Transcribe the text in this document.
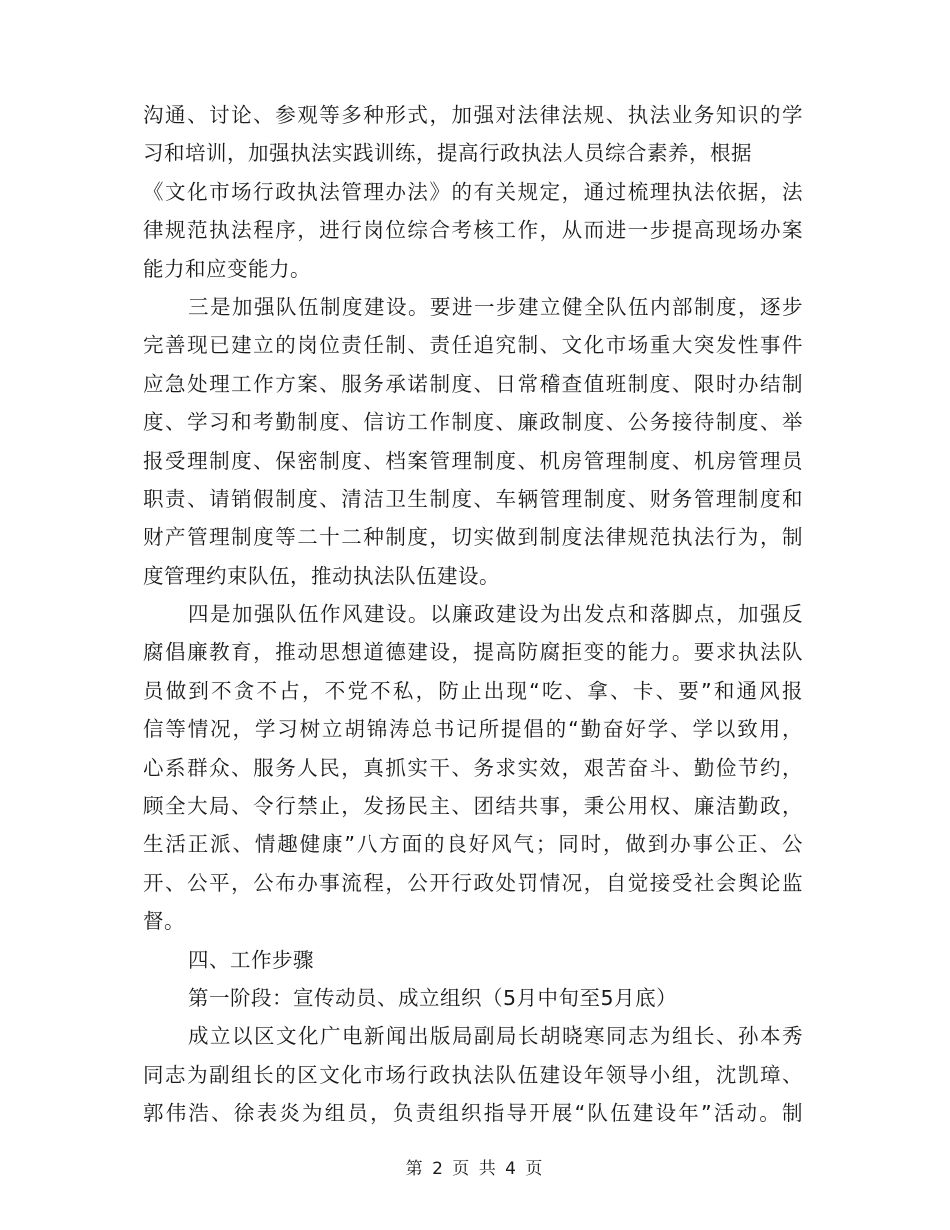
沟通、讨论、参观等多种形式，加强对法律法规、执法业务知识的学
习和培训，加强执法实践训练，提高行政执法人员综合素养，根据
《文化市场行政执法管理办法》的有关规定，通过梳理执法依据，法
律规范执法程序，进行岗位综合考核工作，从而进一步提高现场办案
能力和应变能力。
三是加强队伍制度建设。要进一步建立健全队伍内部制度，逐步
完善现已建立的岗位责任制、责任追究制、文化市场重大突发性事件
应急处理工作方案、服务承诺制度、日常稽查值班制度、限时办结制
度、学习和考勤制度、信访工作制度、廉政制度、公务接待制度、举
报受理制度、保密制度、档案管理制度、机房管理制度、机房管理员
职责、请销假制度、清洁卫生制度、车辆管理制度、财务管理制度和
财产管理制度等二十二种制度，切实做到制度法律规范执法行为，制
度管理约束队伍，推动执法队伍建设。
四是加强队伍作风建设。以廉政建设为出发点和落脚点，加强反
腐倡廉教育，推动思想道德建设，提高防腐拒变的能力。要求执法队
员做到不贪不占，不党不私，防止出现“吃、拿、卡、要”和通风报
信等情况，学习树立胡锦涛总书记所提倡的“勤奋好学、学以致用，
心系群众、服务人民，真抓实干、务求实效，艰苦奋斗、勤俭节约，
顾全大局、令行禁止，发扬民主、团结共事，秉公用权、廉洁勤政，
生活正派、情趣健康”八方面的良好风气；同时，做到办事公正、公
开、公平，公布办事流程，公开行政处罚情况，自觉接受社会舆论监
督。
四、工作步骤
第一阶段：宣传动员、成立组织（5月中旬至5月底）
成立以区文化广电新闻出版局副局长胡晓寒同志为组长、孙本秀
同志为副组长的区文化市场行政执法队伍建设年领导小组，沈凯璋、
郭伟浩、徐表炎为组员，负责组织指导开展“队伍建设年”活动。制
第 2 页 共 4 页
